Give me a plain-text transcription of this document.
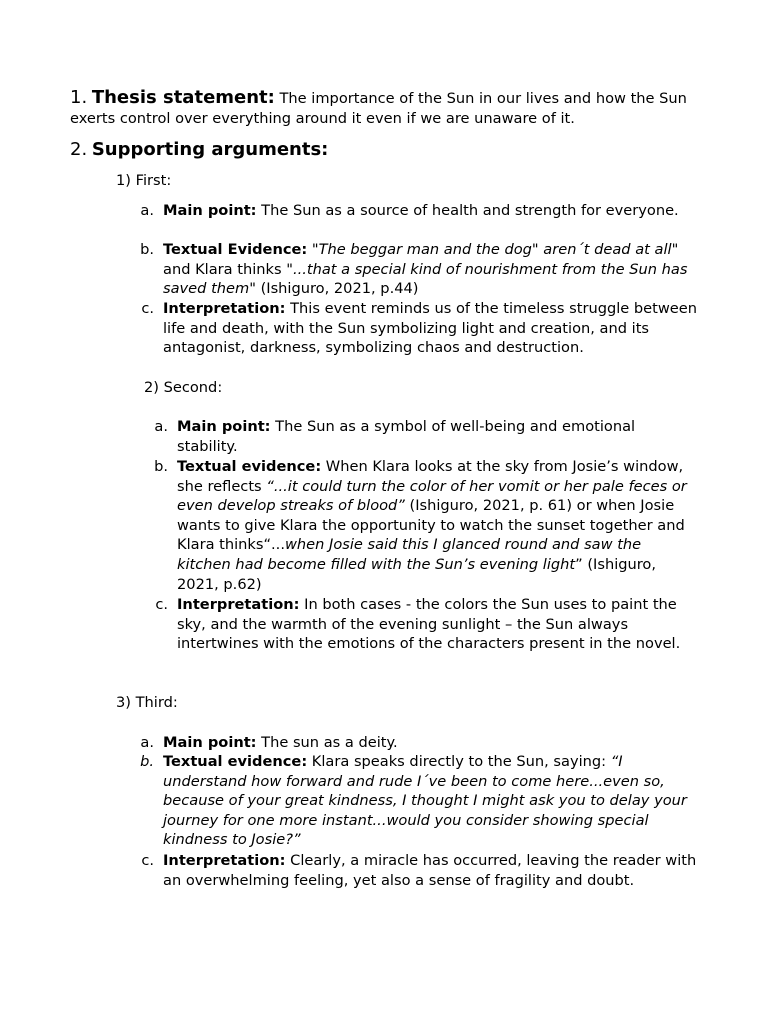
1. Thesis statement: The importance of the Sun in our lives and how the Sun exerts control over everything around it even if we are unaware of it.
2. Supporting arguments:
1) First:
a. Main point: The Sun as a source of health and strength for everyone.
b. Textual Evidence: "The beggar man and the dog" aren´t dead at all" and Klara thinks "...that a special kind of nourishment from the Sun has saved them" (Ishiguro, 2021, p.44)
c. Interpretation: This event reminds us of the timeless struggle between life and death, with the Sun symbolizing light and creation, and its antagonist, darkness, symbolizing chaos and destruction.
2) Second:
a. Main point: The Sun as a symbol of well-being and emotional stability.
b. Textual evidence: When Klara looks at the sky from Josie’s window, she reflects “...it could turn the color of her vomit or her pale feces or even develop streaks of blood” (Ishiguro, 2021, p. 61) or when Josie wants to give Klara the opportunity to watch the sunset together and Klara thinks“...when Josie said this I glanced round and saw the kitchen had become filled with the Sun’s evening light” (Ishiguro, 2021, p.62)
c. Interpretation: In both cases - the colors the Sun uses to paint the sky, and the warmth of the evening sunlight – the Sun always intertwines with the emotions of the characters present in the novel.
3) Third:
a. Main point: The sun as a deity.
b. Textual evidence: Klara speaks directly to the Sun, saying: “I understand how forward and rude I´ve been to come here...even so, because of your great kindness, I thought I might ask you to delay your journey for one more instant...would you consider showing special kindness to Josie?”
c. Interpretation: Clearly, a miracle has occurred, leaving the reader with an overwhelming feeling, yet also a sense of fragility and doubt.
